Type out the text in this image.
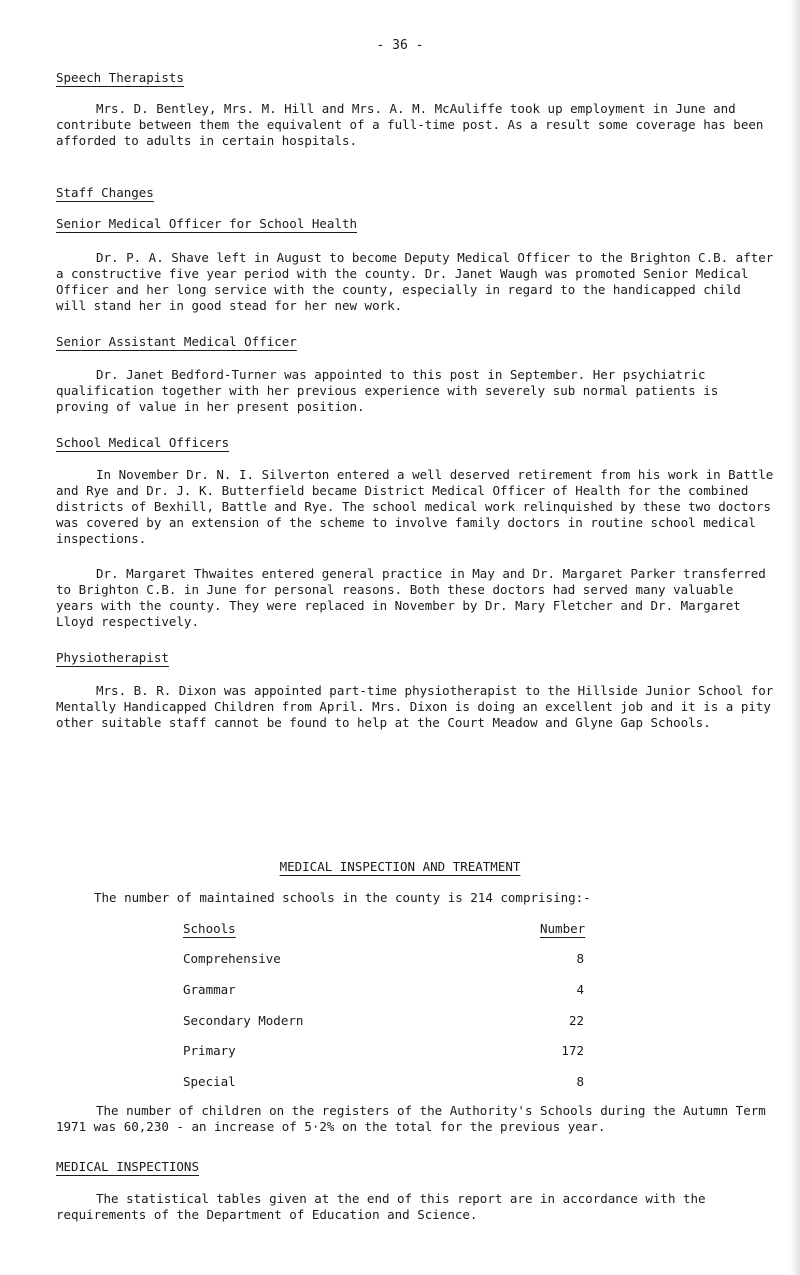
- 36 -
Speech Therapists

Mrs. D. Bentley, Mrs. M. Hill and Mrs. A. M. McAuliffe took up employment in June and contribute between them the equivalent of a full-time post. As a result some coverage has been afforded to adults in certain hospitals.

Staff Changes
Senior Medical Officer for School Health

Dr. P. A. Shave left in August to become Deputy Medical Officer to the Brighton C.B. after a constructive five year period with the county. Dr. Janet Waugh was promoted Senior Medical Officer and her long service with the county, especially in regard to the handicapped child will stand her in good stead for her new work.

Senior Assistant Medical Officer

Dr. Janet Bedford-Turner was appointed to this post in September. Her psychiatric qualification together with her previous experience with severely sub normal patients is proving of value in her present position.

School Medical Officers

In November Dr. N. I. Silverton entered a well deserved retirement from his work in Battle and Rye and Dr. J. K. Butterfield became District Medical Officer of Health for the combined districts of Bexhill, Battle and Rye. The school medical work relinquished by these two doctors was covered by an extension of the scheme to involve family doctors in routine school medical inspections.

Dr. Margaret Thwaites entered general practice in May and Dr. Margaret Parker transferred to Brighton C.B. in June for personal reasons. Both these doctors had served many valuable years with the county. They were replaced in November by Dr. Mary Fletcher and Dr. Margaret Lloyd respectively.

Physiotherapist

Mrs. B. R. Dixon was appointed part-time physiotherapist to the Hillside Junior School for Mentally Handicapped Children from April. Mrs. Dixon is doing an excellent job and it is a pity other suitable staff cannot be found to help at the Court Meadow and Glyne Gap Schools.

MEDICAL INSPECTION AND TREATMENT

The number of maintained schools in the county is 214 comprising:-

Schools	Number
Comprehensive	8
Grammar	4
Secondary Modern	22
Primary	172
Special	8

The number of children on the registers of the Authority's Schools during the Autumn Term 1971 was 60,230 - an increase of 5·2% on the total for the previous year.

MEDICAL INSPECTIONS

The statistical tables given at the end of this report are in accordance with the requirements of the Department of Education and Science.
